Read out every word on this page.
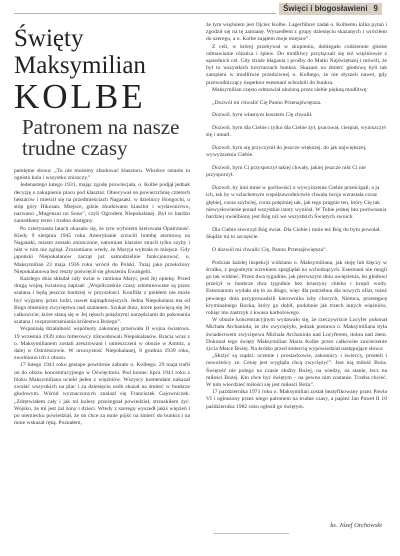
Święci i błogosławieni 9
Święty
Maksymilian
KOLBE
Patronem na nasze
trudne czasy

pamiętne słowa: „Tu nie możemy zbudować klasztoru. Wkrótce ostanie tu ognista kula i wszystko zniszczy.”

Jedenastego lutego 1931, mając zgodę prowincjała, o. Kolbe podjął jednak decyzję o zakupieniu placu pod klasztor. Obiecywał on powierzchnię czterech hektarów i mieścił się na przedmieściach Nagasaki, w dzielnicy Hongochi, u stóp góry Hikosan. Miejsce, gdzie zbudowano klasztor i wydawnictwo, nazwano „Mugenzai no Sono”, czyli Ogrodem Niepokalanej. Był to bardzo zaniedbany teren i trudno dostępny.

Po czterynastu latach okazało się, że tym wyborem kierowała Opatrzność. Kiedy 9 sierpnia 1945 roku Amerykanie zrzucili bombę atomową na Nagasaki, miasto zostało zniszczone, natomiast klasztor stracił tylko szyby i nikt w nim nie zginął. Zrozumiano wtedy, że Maryja wybrała to miejsce. Gdy japoński Niepokalanów zaczął już samodzielnie funkcjonować, o. Maksymilian 23 maja 1936 roku wrócił do Polski. Tutaj jako przełożony Niepokalanowa bez reszty poświęcił się głoszeniu Ewangelii.

Każdego dnia składał cały świat w ramiona Maryi, pod Jej opiekę. Przed drugą wojną światową napisał: „Współcześnie czasy zdominowane są przez szatana i będą jeszcze bardziej w przyszłości. Konflikt z piekłem nie może być wygrany przez ludzi, nawet najmądrzejszych. Jedna Niepokalana ma od Boga obietnicę zwycięstwa nad szatanem. Szukał dusz, które poświęcą się Jej całkowicie; które staną się w Jej rękach potężnymi narzędziami do pokonania szatana i rozprzestrzeniania królestwa Bożego”.

Wspaniałą działalność wspólnoty zakonnej przerwała II wojna światowa. 19 września 1939 roku hitlerowcy zlikwidowali Niepokalanów. Braciа wraz z o. Maksymilianem zostali aresztowani i umieszczeni w obozie w Amtitz, a dalej w Ostrzeszowie. W uroczystość Niepokalanej, 8 grudnia 1939 roku, zwolniono ich z obozu.

17 lutego 1941 roku gestapo powtórnie zabrało o. Kolbego. 29 maja trafił on do obozu koncentracyjnego w Oświęcimiu. Pod koniec lipca 1941 roku z bloku Maksymiliana uciekł jeden z więźniów. Wszyscy komendant nakazał zwołać wszystkich na plac i za dziesięciu osób skazał na śmierć w bunkrze głodowym. Wśród wyznaczonych znalazł się Franciszek Gajowniczek. „Zdrętwiałem cały i jak mi kolesy przeżegnał powiedział, strzaskiłem żyć. Wojsko, że mi jest żal żony i dzieci. Wtedy z szeregu wyszedł jakiś więzień i po niemiecku powiedział, że on chce za mnie pójść na śmierć do bunkra i na mnie wskazał ręką. Poznałem,

że tym więźniem jest Ojciec Kolbe. Lagerführer zadał o. Kolbemu kilka pytań i zgodził się na tę zamianę. Wyszedłem z grupy dziesięciu skazanych i wróciłem do szeregu, a o. Kolbe zająłem moje miejsce”.

Z celi, w której przebywał w skupieniu, dobiegało codziennie głośne odmawianie różańca i śpiew. Do modlitwy przyłączali się też więźniowie z sąsiednich cel. Gdy straże błagania i prośby do Matki Najświętszej i mówili, że był to wszystkich korytarzach bunkra. Skazani na śmierć głodową byli tak zatopieni w modlitwie przedziwnej o. Kolbego, że nie słyszeli nawet, gdy przewodniczący inspektor esesmani schodzili do bunkra.

Maksymilian często odmawiał ułożoną przez siebie piękną modlitwę:

„Dozwól mi chwalić Cię Panno Przenajświętsza.

Dozwól, bym własnym kosztem Cię chwalił.

Dozwól, bym dla Ciebie i tylko dla Ciebie żył, pracował, cierpiał, wyniszczył się i umarł.

Dozwól, bym się przyczynił do jeszcze większej, do jak największej, wywyższenia Ciebie.

Dozwól, bym Ci przysporzył takiej chwały, jakiej jeszcze nikt Ci nie przysporzył.

Dozwól, by inni mnie w gorliwości o wywyższenie Ciebie prześcigali, a ja ich, tak by w szlachetnym współzawodnictwie chwała twoja wzrastała coraz głębiej, coraz szybciej, coraz potężniej tak, jak tego pragnie ten, który Cię tak niewysłowienie ponad wszystkie istoty wyniósł. W Tobie jednej bez porównania bardziej uwielbiony jest Bóg niż we wszystkich Świętych swoich.

Dla Ciebie stworzył Bóg świat. Dla Ciebie i mnie też Bóg do bytu powołał. Skądże mi to szczęście.

O dozwól mi chwalić Cię, Panno Przenajświętsza”.

Podczas każdej inspekcji widziano o. Maksymiliana, jak stoję lub klęczy w środku, z pogodnym wzrokiem spoglądał na wchodzących. Esesmani nie mogli go tak widzieć. Przez dwa tygodnie, jak pierwszym dniu uwięzienia, bo głodowi przeżył w bunkrze dwa tygodnie bez kruszyny chleba i kropli wody. Esesmanom wydało się to za długo, więc dla potrzebna dla nowych ofiar, tożeż pewnego dnia przyprowadzili kierownika izby chorych, Niemca, przestępcę kryminalnego Bocka, który go dobił, podobnie jak trzech innych więźniów, robiąc mu zastrzyk z kwasu karbolowego.

W obozie koncentracyjnym wydawało się, że rzeczywiście Lucyfer pokonał Michała Archanioła, że zło zwyciężyło, jednak postawa o. Maksymiliana była świadectwem zwycięstwa Michała Archanioła nad Lucyferem, dobra nad złem. Dokonał tego święty Maksymilian Maria Kolbe przez całkowite zawierzenie życia Matce Bożej. Na krótko przed śmiercią wypowiedział następujące słowa:

„Służyć są rządzi: uczenie i prostackowie, zakonnicy i świeccy, prosteli i nowożeńcy ze. Cenię jest wygląda chcą zwyciężyć”. Jest nią miłość Boża. Świętość nie polega na czasie służby Bożej, na wiedzy, na stanie, lecz na miłości Bożej. Kto chce być świętym – na pewno nim zostanie. Trzeba chcieć. W nim wiecdzieć miłości się jest miłości Boża”.

17 października 1971 roku o. Maksymilian został beatyfikowany przez Pawła VI i ogłoszony przez niego patronem na trudne czasy, a papież Jan Paweł II 10 października 1982 roku ogłosił go świętym.

ks. Józef Orchowski
